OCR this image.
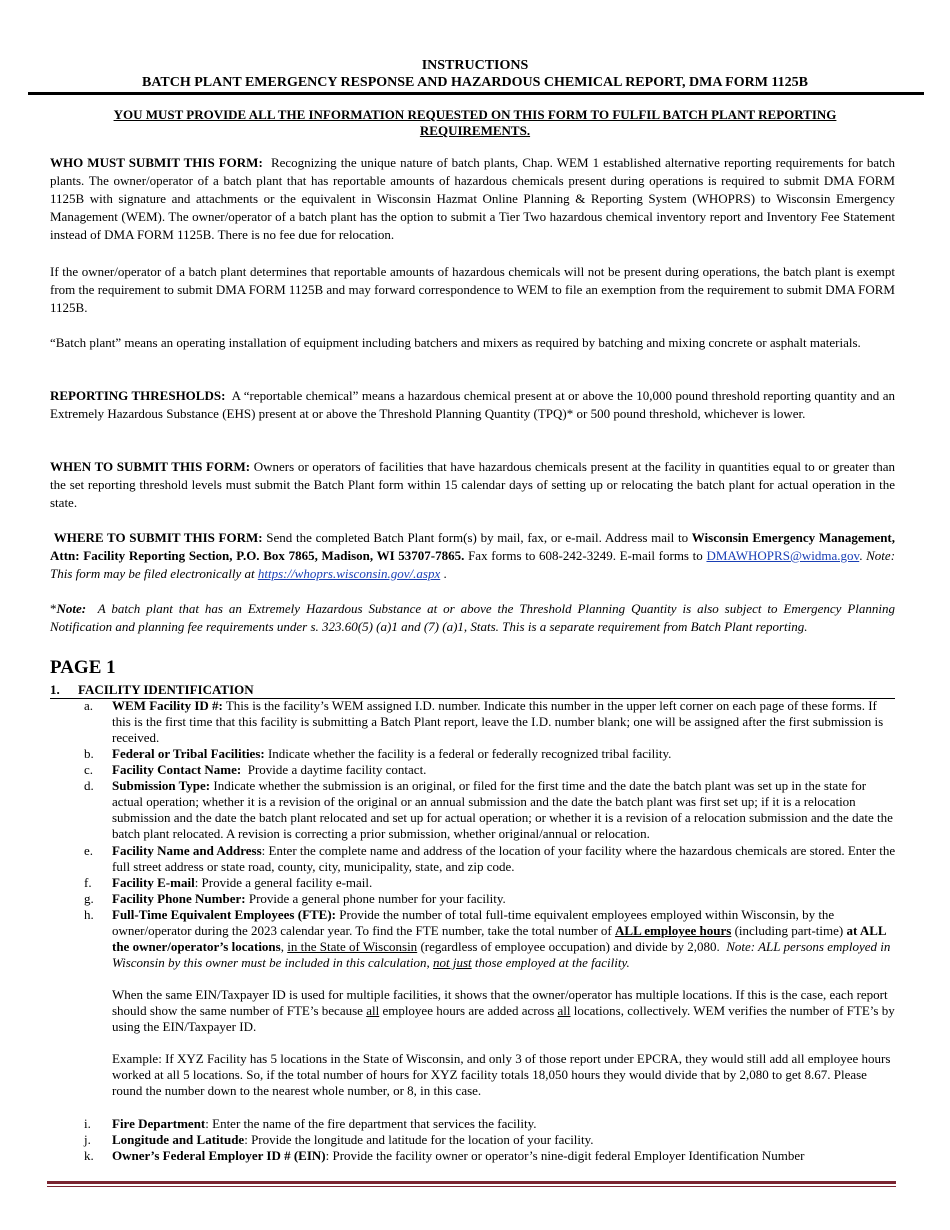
INSTRUCTIONS
BATCH PLANT EMERGENCY RESPONSE AND HAZARDOUS CHEMICAL REPORT, DMA FORM 1125B
YOU MUST PROVIDE ALL THE INFORMATION REQUESTED ON THIS FORM TO FULFIL BATCH PLANT REPORTING REQUIREMENTS.
WHO MUST SUBMIT THIS FORM: Recognizing the unique nature of batch plants, Chap. WEM 1 established alternative reporting requirements for batch plants. The owner/operator of a batch plant that has reportable amounts of hazardous chemicals present during operations is required to submit DMA FORM 1125B with signature and attachments or the equivalent in Wisconsin Hazmat Online Planning & Reporting System (WHOPRS) to Wisconsin Emergency Management (WEM). The owner/operator of a batch plant has the option to submit a Tier Two hazardous chemical inventory report and Inventory Fee Statement instead of DMA FORM 1125B. There is no fee due for relocation.
If the owner/operator of a batch plant determines that reportable amounts of hazardous chemicals will not be present during operations, the batch plant is exempt from the requirement to submit DMA FORM 1125B and may forward correspondence to WEM to file an exemption from the requirement to submit DMA FORM 1125B.
“Batch plant” means an operating installation of equipment including batchers and mixers as required by batching and mixing concrete or asphalt materials.
REPORTING THRESHOLDS: A “reportable chemical” means a hazardous chemical present at or above the 10,000 pound threshold reporting quantity and an Extremely Hazardous Substance (EHS) present at or above the Threshold Planning Quantity (TPQ)* or 500 pound threshold, whichever is lower.
WHEN TO SUBMIT THIS FORM: Owners or operators of facilities that have hazardous chemicals present at the facility in quantities equal to or greater than the set reporting threshold levels must submit the Batch Plant form within 15 calendar days of setting up or relocating the batch plant for actual operation in the state.
WHERE TO SUBMIT THIS FORM: Send the completed Batch Plant form(s) by mail, fax, or e-mail. Address mail to Wisconsin Emergency Management, Attn: Facility Reporting Section, P.O. Box 7865, Madison, WI 53707-7865. Fax forms to 608-242-3249. E-mail forms to DMAWHOPRS@widma.gov. Note: This form may be filed electronically at https://whoprs.wisconsin.gov/.aspx .
*Note: A batch plant that has an Extremely Hazardous Substance at or above the Threshold Planning Quantity is also subject to Emergency Planning Notification and planning fee requirements under s. 323.60(5) (a)1 and (7) (a)1, Stats. This is a separate requirement from Batch Plant reporting.
PAGE 1
1. FACILITY IDENTIFICATION
a.	WEM Facility ID #: This is the facility’s WEM assigned I.D. number. Indicate this number in the upper left corner on each page of these forms. If this is the first time that this facility is submitting a Batch Plant report, leave the I.D. number blank; one will be assigned after the first submission is received.
b.	Federal or Tribal Facilities: Indicate whether the facility is a federal or federally recognized tribal facility.
c.	Facility Contact Name: Provide a daytime facility contact.
d.	Submission Type: Indicate whether the submission is an original, or filed for the first time and the date the batch plant was set up in the state for actual operation; whether it is a revision of the original or an annual submission and the date the batch plant was first set up; if it is a relocation submission and the date the batch plant relocated and set up for actual operation; or whether it is a revision of a relocation submission and the date the batch plant relocated. A revision is correcting a prior submission, whether original/annual or relocation.
e.	Facility Name and Address: Enter the complete name and address of the location of your facility where the hazardous chemicals are stored. Enter the full street address or state road, county, city, municipality, state, and zip code.
f.	Facility E-mail: Provide a general facility e-mail.
g.	Facility Phone Number: Provide a general phone number for your facility.
h.	Full-Time Equivalent Employees (FTE): Provide the number of total full-time equivalent employees employed within Wisconsin, by the owner/operator during the 2023 calendar year. To find the FTE number, take the total number of ALL employee hours (including part-time) at ALL the owner/operator’s locations, in the State of Wisconsin (regardless of employee occupation) and divide by 2,080. Note: ALL persons employed in Wisconsin by this owner must be included in this calculation, not just those employed at the facility.
When the same EIN/Taxpayer ID is used for multiple facilities, it shows that the owner/operator has multiple locations. If this is the case, each report should show the same number of FTE’s because all employee hours are added across all locations, collectively. WEM verifies the number of FTE’s by using the EIN/Taxpayer ID.
Example: If XYZ Facility has 5 locations in the State of Wisconsin, and only 3 of those report under EPCRA, they would still add all employee hours worked at all 5 locations. So, if the total number of hours for XYZ facility totals 18,050 hours they would divide that by 2,080 to get 8.67. Please round the number down to the nearest whole number, or 8, in this case.
i.	Fire Department: Enter the name of the fire department that services the facility.
j.	Longitude and Latitude: Provide the longitude and latitude for the location of your facility.
k.	Owner’s Federal Employer ID # (EIN): Provide the facility owner or operator’s nine-digit federal Employer Identification Number
